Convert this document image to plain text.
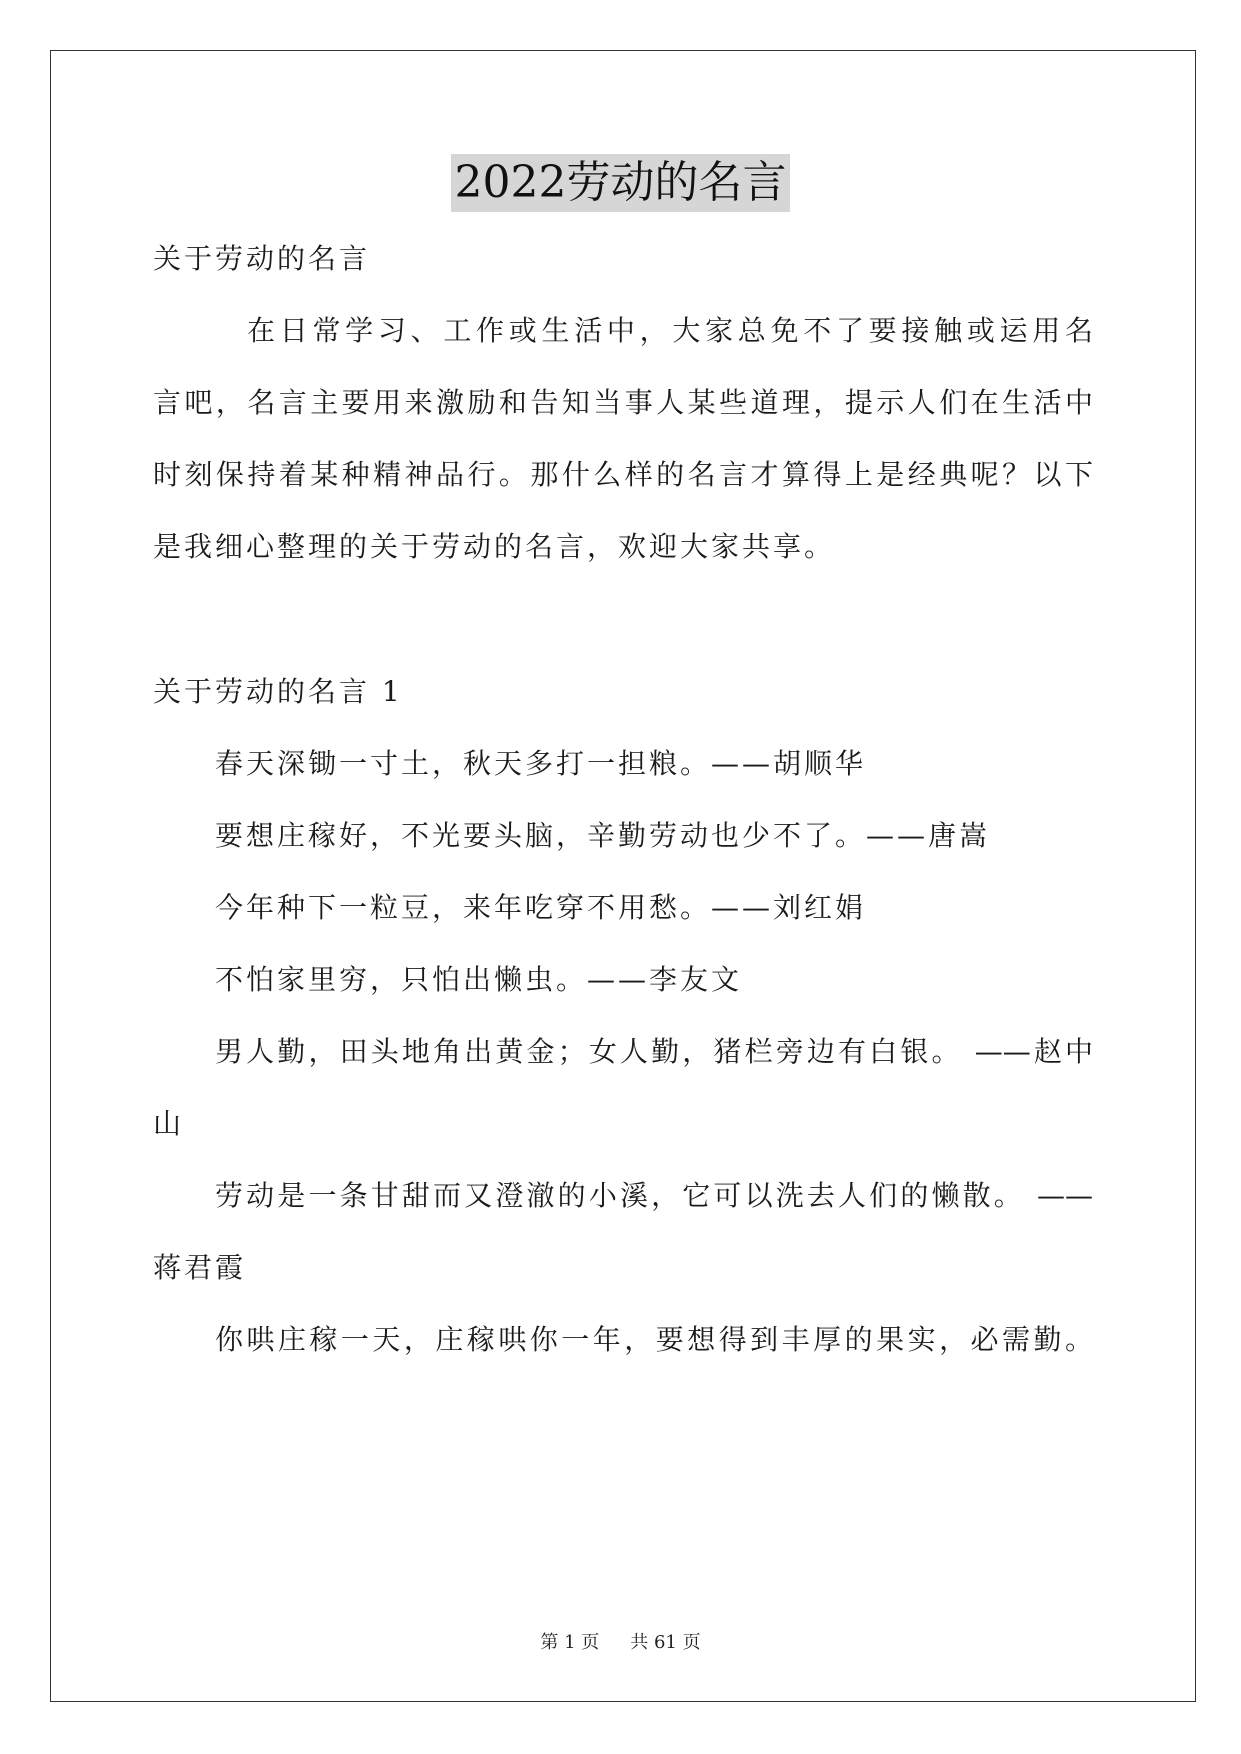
2022劳动的名言
关于劳动的名言
在日常学习、工作或生活中，大家总免不了要接触或运用名
言吧，名言主要用来激励和告知当事人某些道理，提示人们在生活中
时刻保持着某种精神品行。那什么样的名言才算得上是经典呢？以下
是我细心整理的关于劳动的名言，欢迎大家共享。
关于劳动的名言 1
春天深锄一寸土，秋天多打一担粮。——胡顺华
要想庄稼好，不光要头脑，辛勤劳动也少不了。——唐嵩
今年种下一粒豆，来年吃穿不用愁。——刘红娟
不怕家里穷，只怕出懒虫。——李友文
男人勤，田头地角出黄金；女人勤，猪栏旁边有白银。 ——赵中
山
劳动是一条甘甜而又澄澈的小溪，它可以洗去人们的懒散。 ——
蒋君霞
你哄庄稼一天，庄稼哄你一年，要想得到丰厚的果实，必需勤。
第 1 页 共 61 页
